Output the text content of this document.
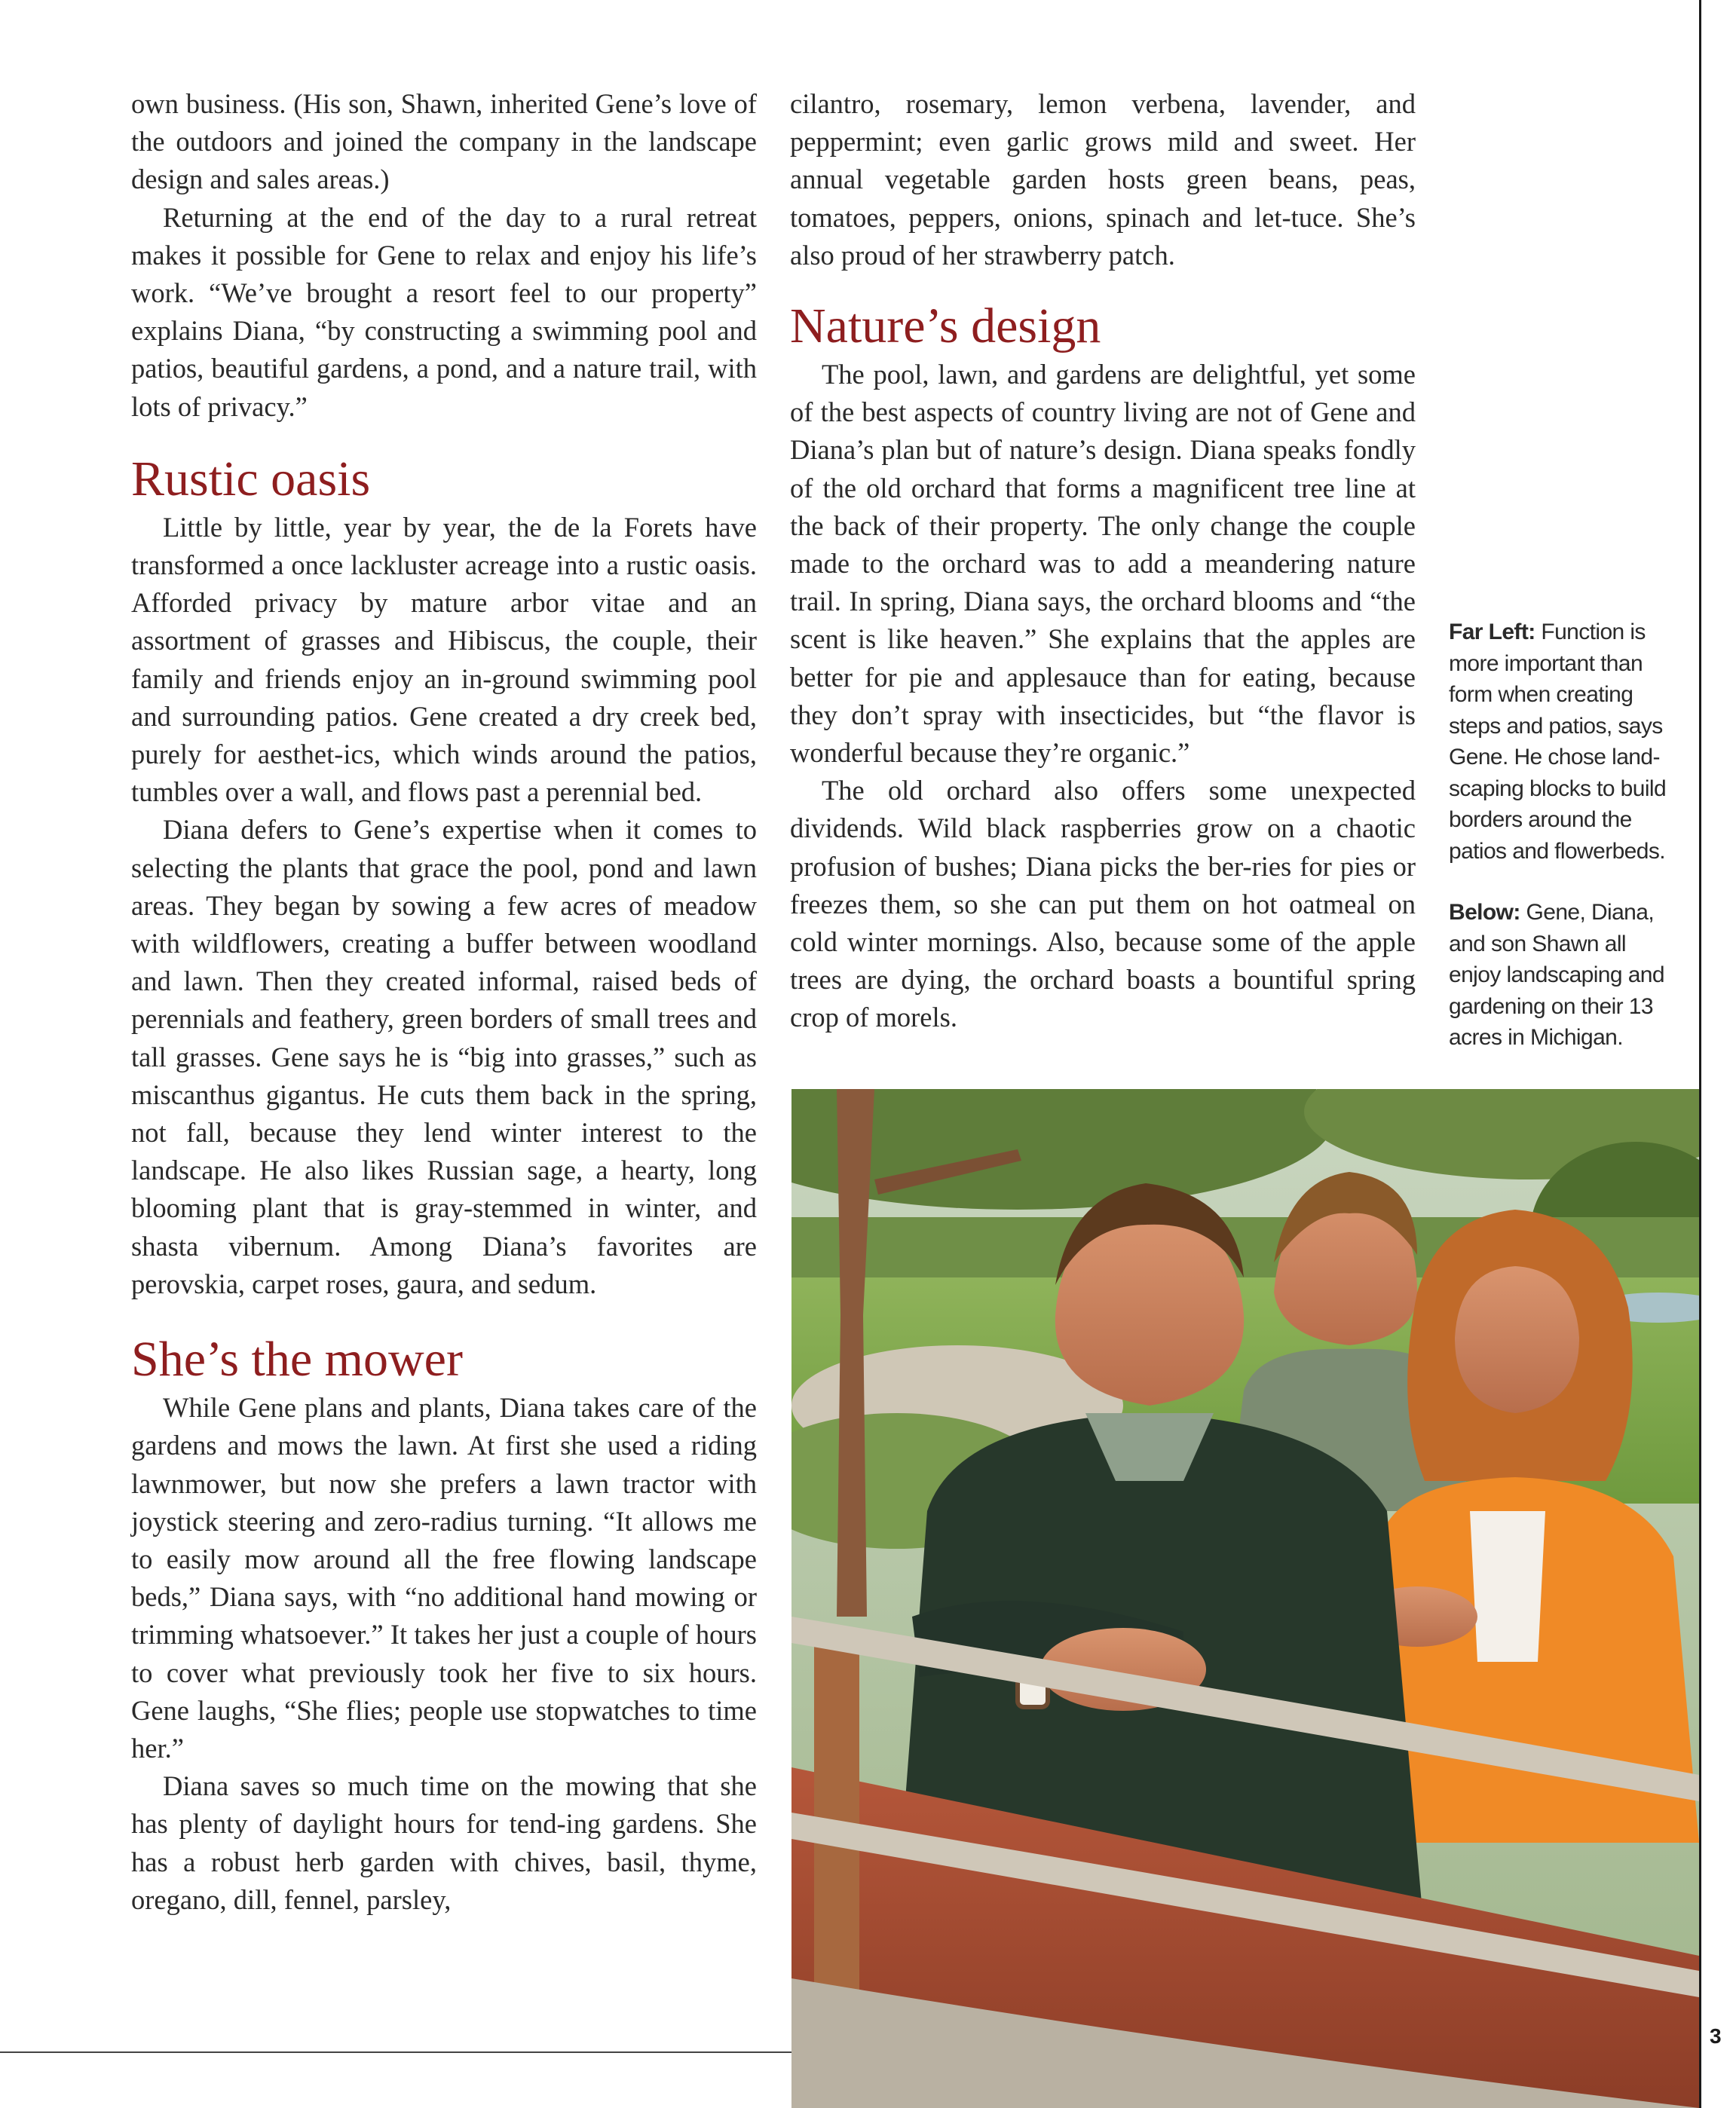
own business. (His son, Shawn, inherited Gene’s love of the outdoors and joined the company in the landscape design and sales areas.)

Returning at the end of the day to a rural retreat makes it possible for Gene to relax and enjoy his life’s work. “We’ve brought a resort feel to our property” explains Diana, “by constructing a swimming pool and patios, beautiful gardens, a pond, and a nature trail, with lots of privacy.”

Rustic oasis

Little by little, year by year, the de la Forets have transformed a once lackluster acreage into a rustic oasis. Afforded privacy by mature arbor vitae and an assortment of grasses and Hibiscus, the couple, their family and friends enjoy an in-ground swimming pool and surrounding patios. Gene created a dry creek bed, purely for aesthet-ics, which winds around the patios, tumbles over a wall, and flows past a perennial bed.

Diana defers to Gene’s expertise when it comes to selecting the plants that grace the pool, pond and lawn areas. They began by sowing a few acres of meadow with wildflowers, creating a buffer between woodland and lawn. Then they created informal, raised beds of perennials and feathery, green borders of small trees and tall grasses. Gene says he is “big into grasses,” such as miscanthus gigantus. He cuts them back in the spring, not fall, because they lend winter interest to the landscape. He also likes Russian sage, a hearty, long blooming plant that is gray-stemmed in winter, and shasta vibernum. Among Diana’s favorites are perovskia, carpet roses, gaura, and sedum.

She’s the mower

While Gene plans and plants, Diana takes care of the gardens and mows the lawn. At first she used a riding lawnmower, but now she prefers a lawn tractor with joystick steering and zero-radius turning. “It allows me to easily mow around all the free flowing landscape beds,” Diana says, with “no additional hand mowing or trimming whatsoever.” It takes her just a couple of hours to cover what previously took her five to six hours. Gene laughs, “She flies; people use stopwatches to time her.”

Diana saves so much time on the mowing that she has plenty of daylight hours for tend-ing gardens. She has a robust herb garden with chives, basil, thyme, oregano, dill, fennel, parsley,

cilantro, rosemary, lemon verbena, lavender, and peppermint; even garlic grows mild and sweet. Her annual vegetable garden hosts green beans, peas, tomatoes, peppers, onions, spinach and let-tuce. She’s also proud of her strawberry patch.

Nature’s design

The pool, lawn, and gardens are delightful, yet some of the best aspects of country living are not of Gene and Diana’s plan but of nature’s design. Diana speaks fondly of the old orchard that forms a magnificent tree line at the back of their property. The only change the couple made to the orchard was to add a meandering nature trail. In spring, Diana says, the orchard blooms and “the scent is like heaven.” She explains that the apples are better for pie and applesauce than for eating, because they don’t spray with insecticides, but “the flavor is wonderful because they’re organic.”

The old orchard also offers some unexpected dividends. Wild black raspberries grow on a chaotic profusion of bushes; Diana picks the ber-ries for pies or freezes them, so she can put them on hot oatmeal on cold winter mornings. Also, because some of the apple trees are dying, the orchard boasts a bountiful spring crop of morels.

Far Left: Function is more important than form when creating steps and patios, says Gene. He chose land-scaping blocks to build borders around the patios and flowerbeds.

Below: Gene, Diana, and son Shawn all enjoy landscaping and gardening on their 13 acres in Michigan.

3
